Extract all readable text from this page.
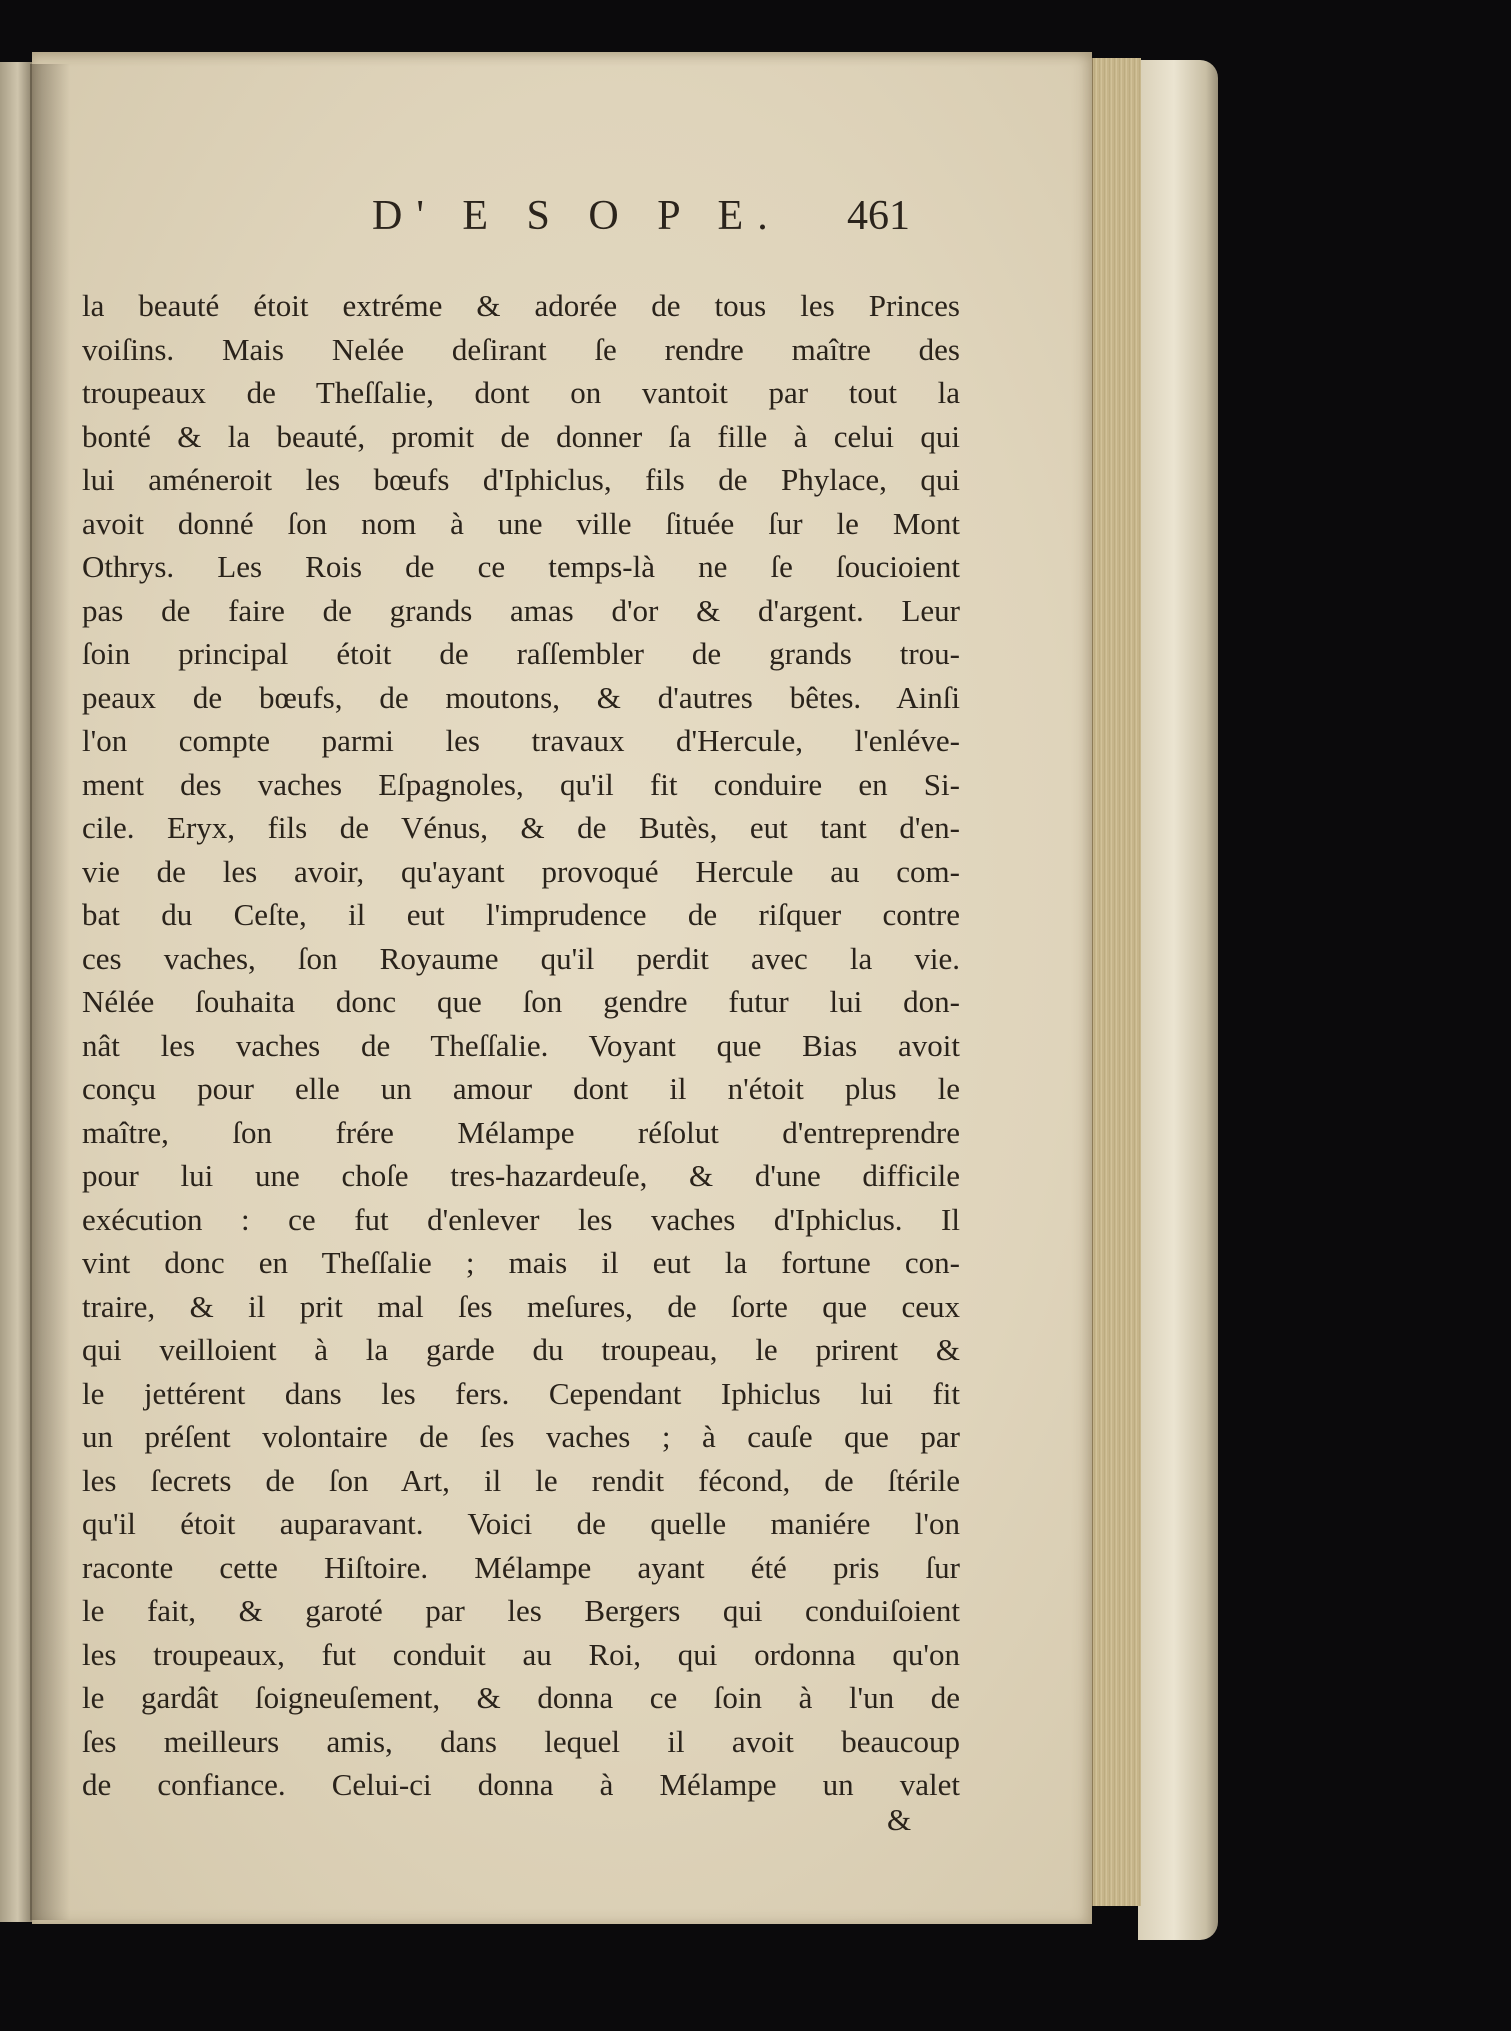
D' E S O P E. 461
la beauté étoit extréme & adorée de tous les Princes
voiſins. Mais Nelée deſirant ſe rendre maître des
troupeaux de Theſſalie, dont on vantoit par tout la
bonté & la beauté, promit de donner ſa fille à celui qui
lui améneroit les bœufs d'Iphiclus, fils de Phylace, qui
avoit donné ſon nom à une ville ſituée ſur le Mont
Othrys. Les Rois de ce temps-là ne ſe ſoucioient
pas de faire de grands amas d'or & d'argent. Leur
ſoin principal étoit de raſſembler de grands trou-
peaux de bœufs, de moutons, & d'autres bêtes. Ainſi
l'on compte parmi les travaux d'Hercule, l'enléve-
ment des vaches Eſpagnoles, qu'il fit conduire en Si-
cile. Eryx, fils de Vénus, & de Butès, eut tant d'en-
vie de les avoir, qu'ayant provoqué Hercule au com-
bat du Ceſte, il eut l'imprudence de riſquer contre
ces vaches, ſon Royaume qu'il perdit avec la vie.
Nélée ſouhaita donc que ſon gendre futur lui don-
nât les vaches de Theſſalie. Voyant que Bias avoit
conçu pour elle un amour dont il n'étoit plus le
maître, ſon frére Mélampe réſolut d'entreprendre
pour lui une choſe tres-hazardeuſe, & d'une difficile
exécution : ce fut d'enlever les vaches d'Iphiclus. Il
vint donc en Theſſalie ; mais il eut la fortune con-
traire, & il prit mal ſes meſures, de ſorte que ceux
qui veilloient à la garde du troupeau, le prirent &
le jettérent dans les fers. Cependant Iphiclus lui fit
un préſent volontaire de ſes vaches ; à cauſe que par
les ſecrets de ſon Art, il le rendit fécond, de ſtérile
qu'il étoit auparavant. Voici de quelle maniére l'on
raconte cette Hiſtoire. Mélampe ayant été pris ſur
le fait, & garoté par les Bergers qui conduiſoient
les troupeaux, fut conduit au Roi, qui ordonna qu'on
le gardât ſoigneuſement, & donna ce ſoin à l'un de
ſes meilleurs amis, dans lequel il avoit beaucoup
de confiance. Celui-ci donna à Mélampe un valet
&
